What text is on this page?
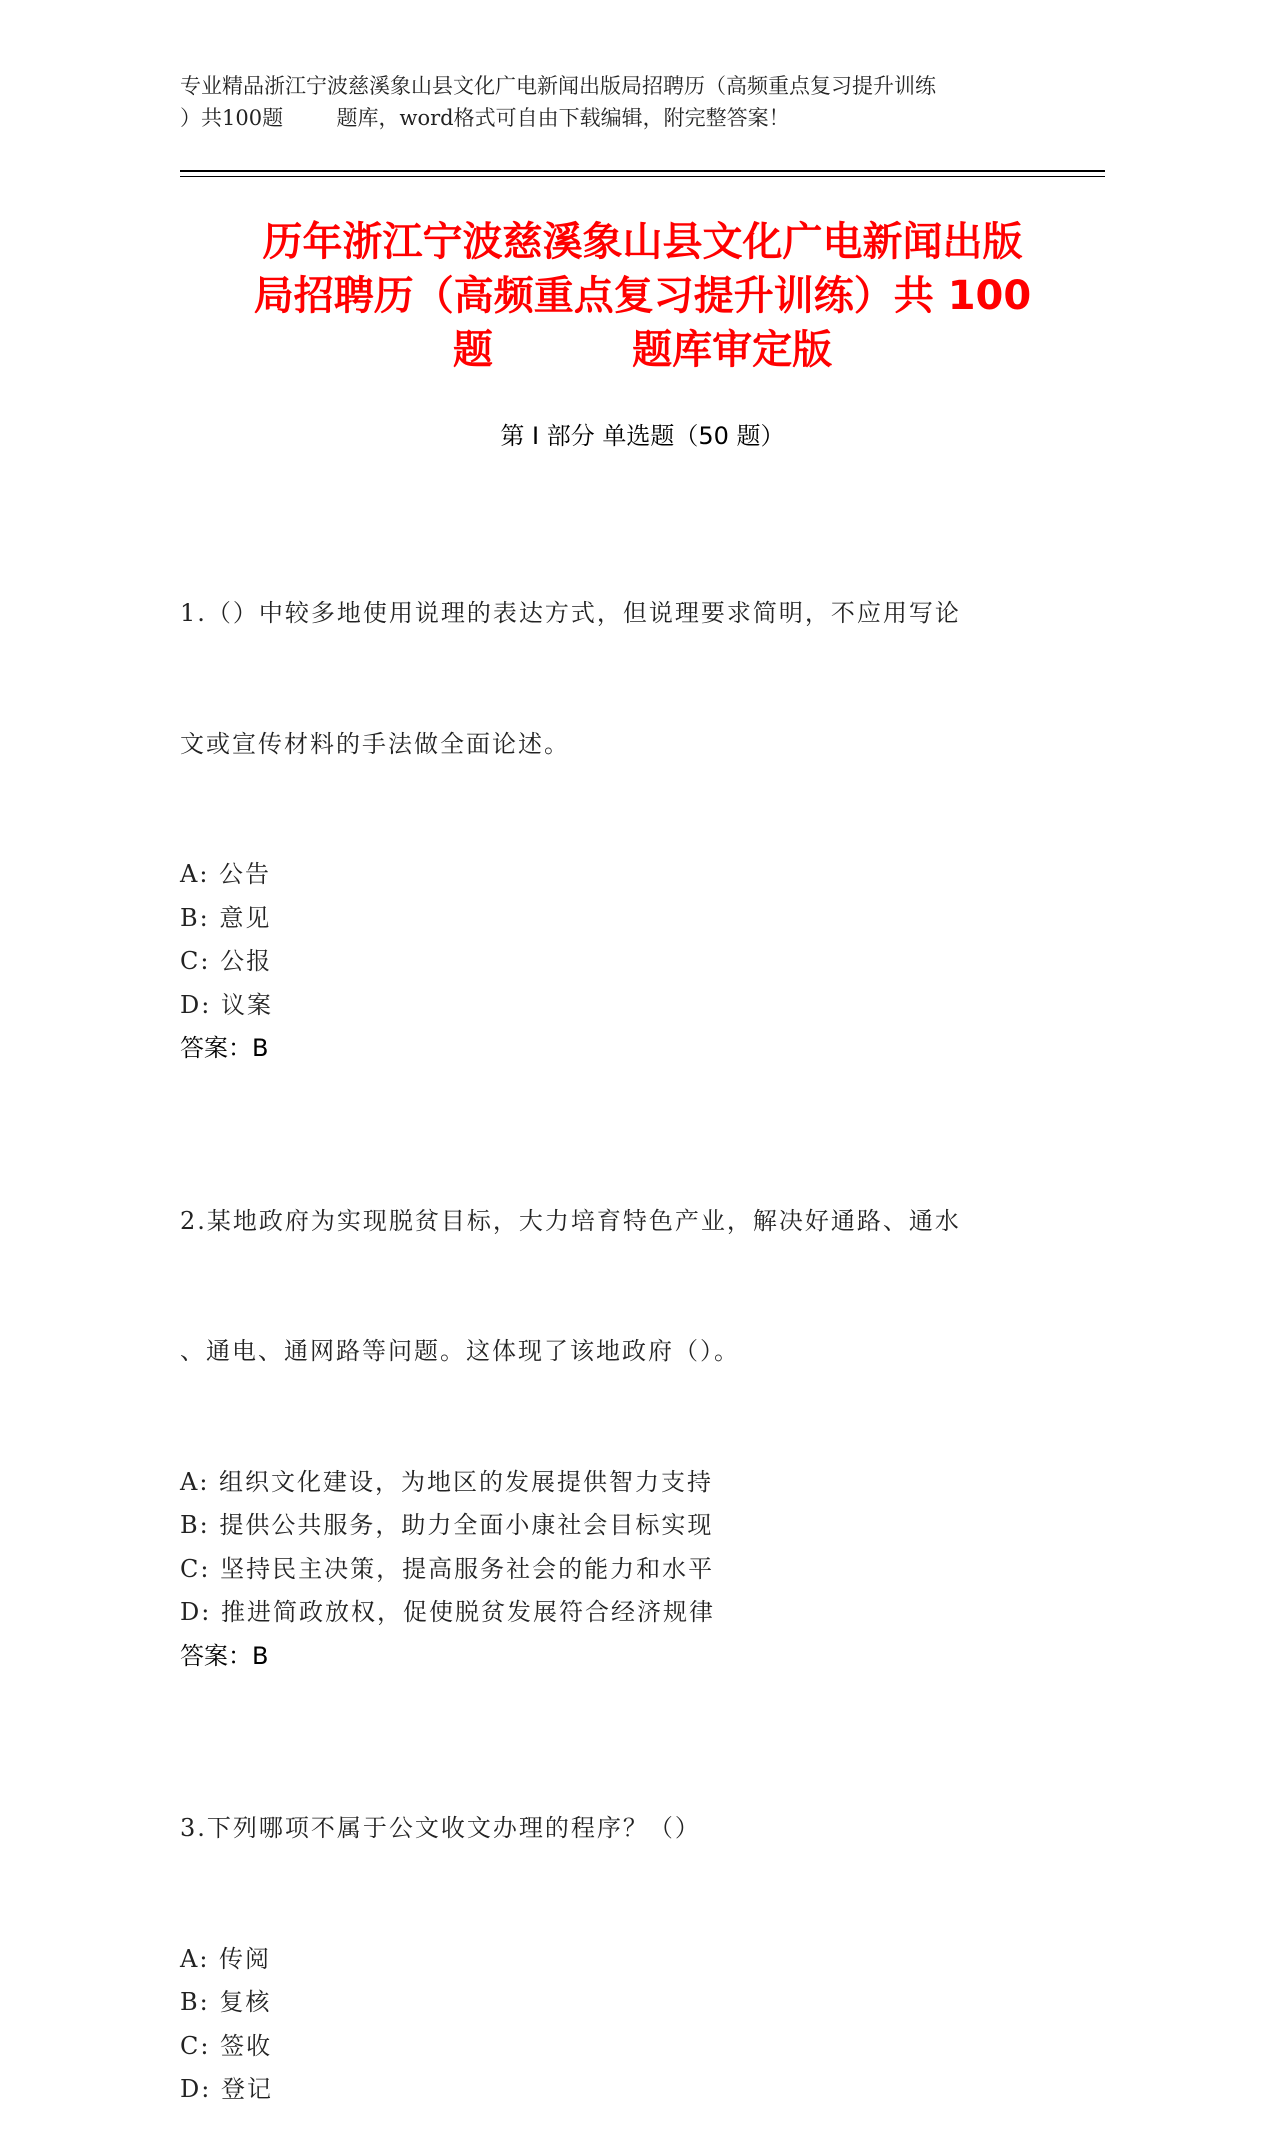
专业精品浙江宁波慈溪象山县文化广电新闻出版局招聘历（高频重点复习提升训练
）共100题        题库，word格式可自由下载编辑，附完整答案！
历年浙江宁波慈溪象山县文化广电新闻出版
局招聘历（高频重点复习提升训练）共 100
题          题库审定版
第 I 部分 单选题（50 题）

1.（）中较多地使用说理的表达方式，但说理要求简明，不应用写论

文或宣传材料的手法做全面论述。

A: 公告
B: 意见
C: 公报
D: 议案
答案：B

2.某地政府为实现脱贫目标，大力培育特色产业，解决好通路、通水

、通电、通网路等问题。这体现了该地政府（）。

A: 组织文化建设，为地区的发展提供智力支持
B: 提供公共服务，助力全面小康社会目标实现
C: 坚持民主决策，提高服务社会的能力和水平
D: 推进简政放权，促使脱贫发展符合经济规律
答案：B

3.下列哪项不属于公文收文办理的程序？（）

A: 传阅
B: 复核
C: 签收
D: 登记
